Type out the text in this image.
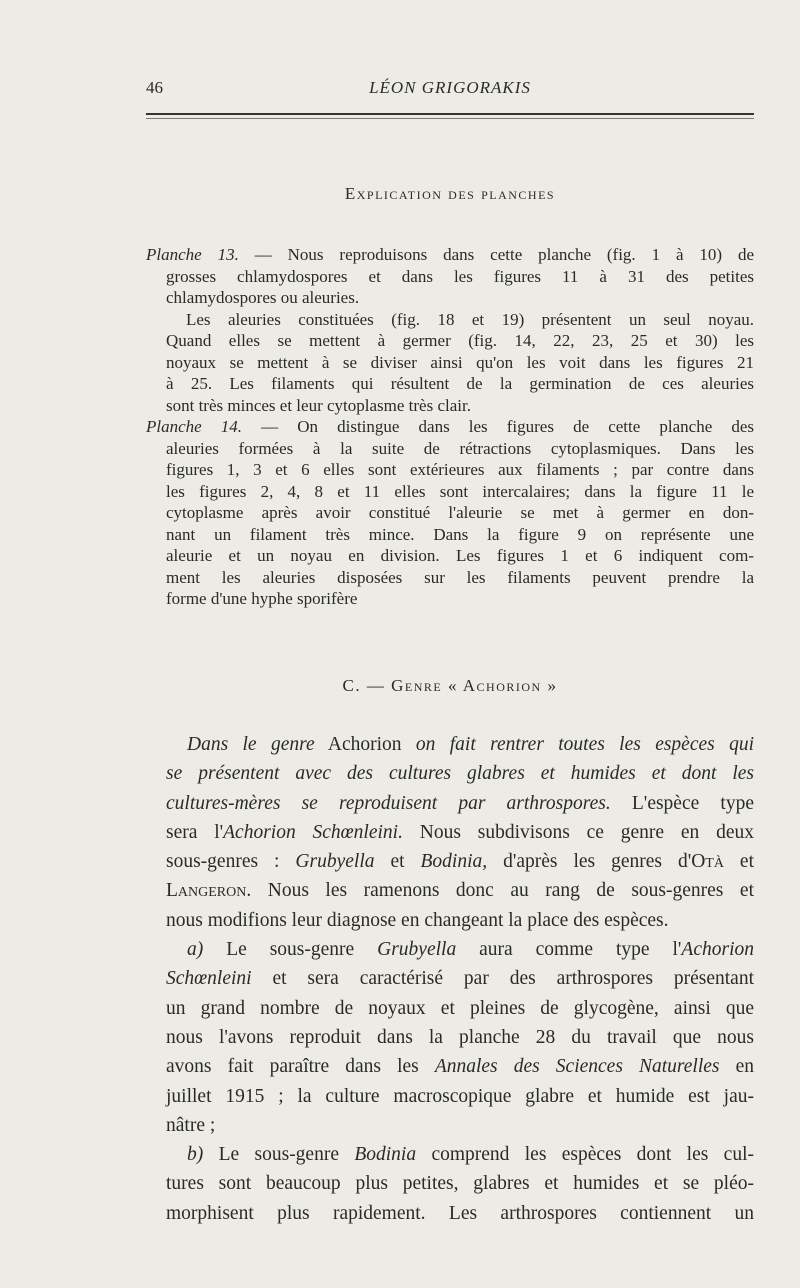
46	LÉON GRIGORAKIS
Explication des planches
Planche 13. — Nous reproduisons dans cette planche (fig. 1 à 10) de
grosses chlamydospores et dans les figures 11 à 31 des petites
chlamydospores ou aleuries.
Les aleuries constituées (fig. 18 et 19) présentent un seul noyau.
Quand elles se mettent à germer (fig. 14, 22, 23, 25 et 30) les
noyaux se mettent à se diviser ainsi qu'on les voit dans les figures 21
à 25. Les filaments qui résultent de la germination de ces aleuries
sont très minces et leur cytoplasme très clair.
Planche 14. — On distingue dans les figures de cette planche des
aleuries formées à la suite de rétractions cytoplasmiques. Dans les
figures 1, 3 et 6 elles sont extérieures aux filaments ; par contre dans
les figures 2, 4, 8 et 11 elles sont intercalaires; dans la figure 11 le
cytoplasme après avoir constitué l'aleurie se met à germer en don-
nant un filament très mince. Dans la figure 9 on représente une
aleurie et un noyau en division. Les figures 1 et 6 indiquent com-
ment les aleuries disposées sur les filaments peuvent prendre la
forme d'une hyphe sporifère
C. — Genre « Achorion »
Dans le genre Achorion on fait rentrer toutes les espèces qui
se présentent avec des cultures glabres et humides et dont les
cultures-mères se reproduisent par arthrospores. L'espèce type
sera l'Achorion Schœnleini. Nous subdivisons ce genre en deux
sous-genres : Grubyella et Bodinia, d'après les genres d'Otà et
Langeron. Nous les ramenons donc au rang de sous-genres et
nous modifions leur diagnose en changeant la place des espèces.
a) Le sous-genre Grubyella aura comme type l'Achorion
Schœnleini et sera caractérisé par des arthrospores présentant
un grand nombre de noyaux et pleines de glycogène, ainsi que
nous l'avons reproduit dans la planche 28 du travail que nous
avons fait paraître dans les Annales des Sciences Naturelles en
juillet 1915 ; la culture macroscopique glabre et humide est jau-
nâtre ;
b) Le sous-genre Bodinia comprend les espèces dont les cul-
tures sont beaucoup plus petites, glabres et humides et se pléo-
morphisent plus rapidement. Les arthrospores contiennent un
